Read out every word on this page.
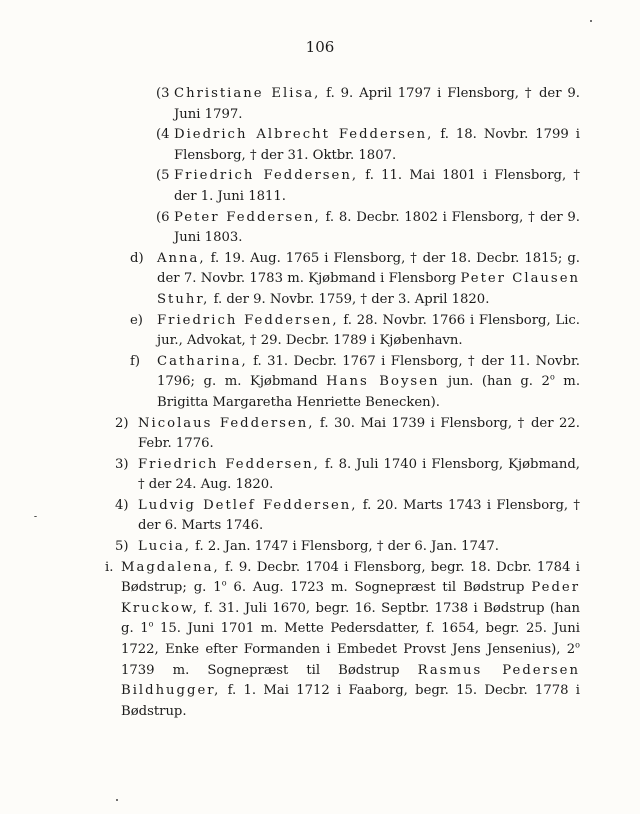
106
(3 Christiane Elisa, f. 9. April 1797 i Flensborg, † der 9. Juni 1797.
(4 Diedrich Albrecht Feddersen, f. 18. Novbr. 1799 i Flensborg, † der 31. Oktbr. 1807.
(5 Friedrich Feddersen, f. 11. Mai 1801 i Flensborg, † der 1. Juni 1811.
(6 Peter Feddersen, f. 8. Decbr. 1802 i Flensborg, † der 9. Juni 1803.
d) Anna, f. 19. Aug. 1765 i Flensborg, † der 18. Decbr. 1815; g. der 7. Novbr. 1783 m. Kjøbmand i Flensborg Peter Clausen Stuhr, f. der 9. Novbr. 1759, † der 3. April 1820.
e) Friedrich Feddersen, f. 28. Novbr. 1766 i Flensborg, Lic. jur., Advokat, † 29. Decbr. 1789 i Kjøbenhavn.
f) Catharina, f. 31. Decbr. 1767 i Flensborg, † der 11. Novbr. 1796; g. m. Kjøbmand Hans Boysen jun. (han g. 2$^o$ m. Brigitta Margaretha Henriette Benecken).
2) Nicolaus Feddersen, f. 30. Mai 1739 i Flensborg, † der 22. Febr. 1776.
3) Friedrich Feddersen, f. 8. Juli 1740 i Flensborg, Kjøbmand, † der 24. Aug. 1820.
4) Ludvig Detlef Feddersen, f. 20. Marts 1743 i Flensborg, † der 6. Marts 1746.
5) Lucia, f. 2. Jan. 1747 i Flensborg, † der 6. Jan. 1747.
i. Magdalena, f. 9. Decbr. 1704 i Flensborg, begr. 18. Dcbr. 1784 i Bødstrup; g. 1$^o$ 6. Aug. 1723 m. Sognepræst til Bødstrup Peder Kruckow, f. 31. Juli 1670, begr. 16. Septbr. 1738 i Bødstrup (han g. 1$^o$ 15. Juni 1701 m. Mette Pedersdatter, f. 1654, begr. 25. Juni 1722, Enke efter Formanden i Embedet Provst Jens Jensenius), 2$^o$ 1739 m. Sognepræst til Bødstrup Rasmus Pedersen Bildhugger, f. 1. Mai 1712 i Faaborg, begr. 15. Decbr. 1778 i Bødstrup.
